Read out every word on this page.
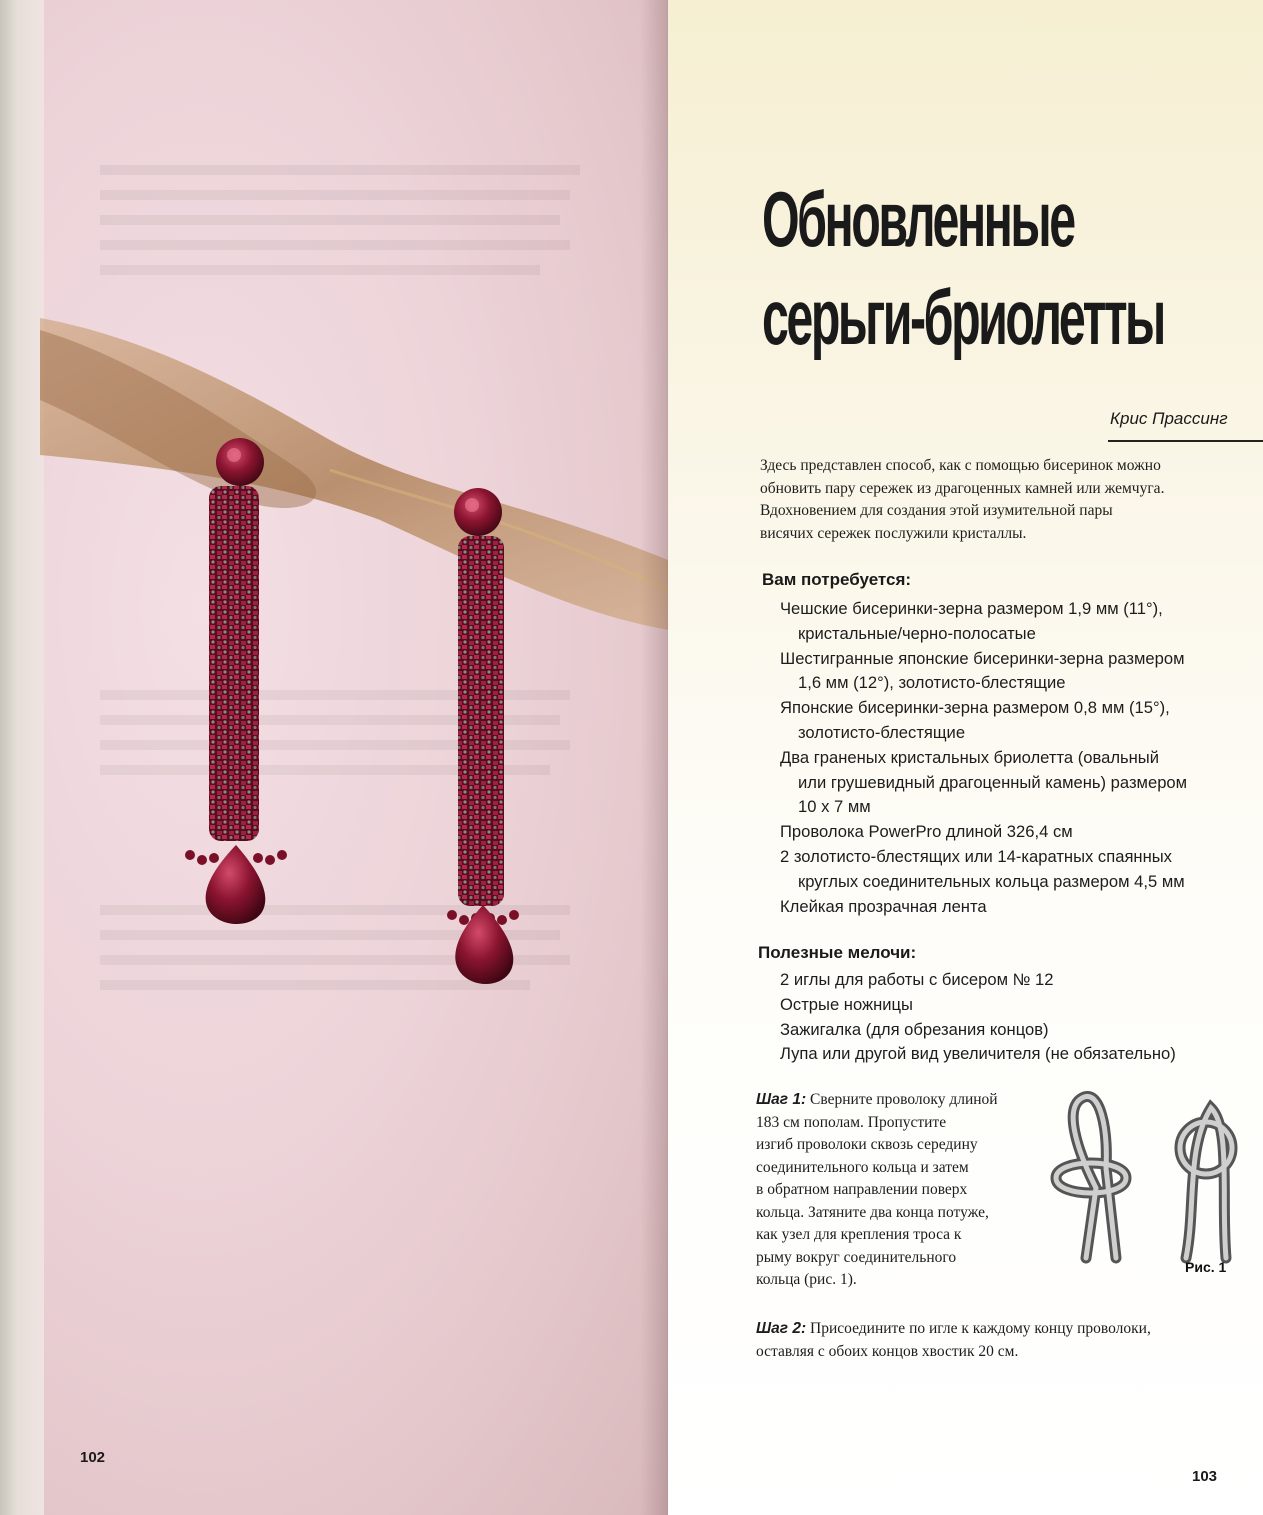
102
Обновленные
серьги-бриолетты
Крис Прассинг
Здесь представлен способ, как с помощью бисеринок можно
обновить пару сережек из драгоценных камней или жемчуга.
Вдохновением для создания этой изумительной пары
висячих сережек послужили кристаллы.
Вам потребуется:
Чешские бисеринки-зерна размером 1,9 мм (11°),
кристальные/черно-полосатые
Шестигранные японские бисеринки-зерна размером
1,6 мм (12°), золотисто-блестящие
Японские бисеринки-зерна размером 0,8 мм (15°),
золотисто-блестящие
Два граненых кристальных бриолетта (овальный
или грушевидный драгоценный камень) размером
10 х 7 мм
Проволока PowerPro длиной 326,4 см
2 золотисто-блестящих или 14-каратных спаянных
круглых соединительных кольца размером 4,5 мм
Клейкая прозрачная лента
Полезные мелочи:
2 иглы для работы с бисером № 12
Острые ножницы
Зажигалка (для обрезания концов)
Лупа или другой вид увеличителя (не обязательно)
Шаг 1: Сверните проволоку длиной
183 см пополам. Пропустите
изгиб проволоки сквозь середину
соединительного кольца и затем
в обратном направлении поверх
кольца. Затяните два конца потуже,
как узел для крепления троса к
рыму вокруг соединительного
кольца (рис. 1).
Рис. 1
Шаг 2: Присоедините по игле к каждому концу проволоки,
оставляя с обоих концов хвостик 20 см.
103
